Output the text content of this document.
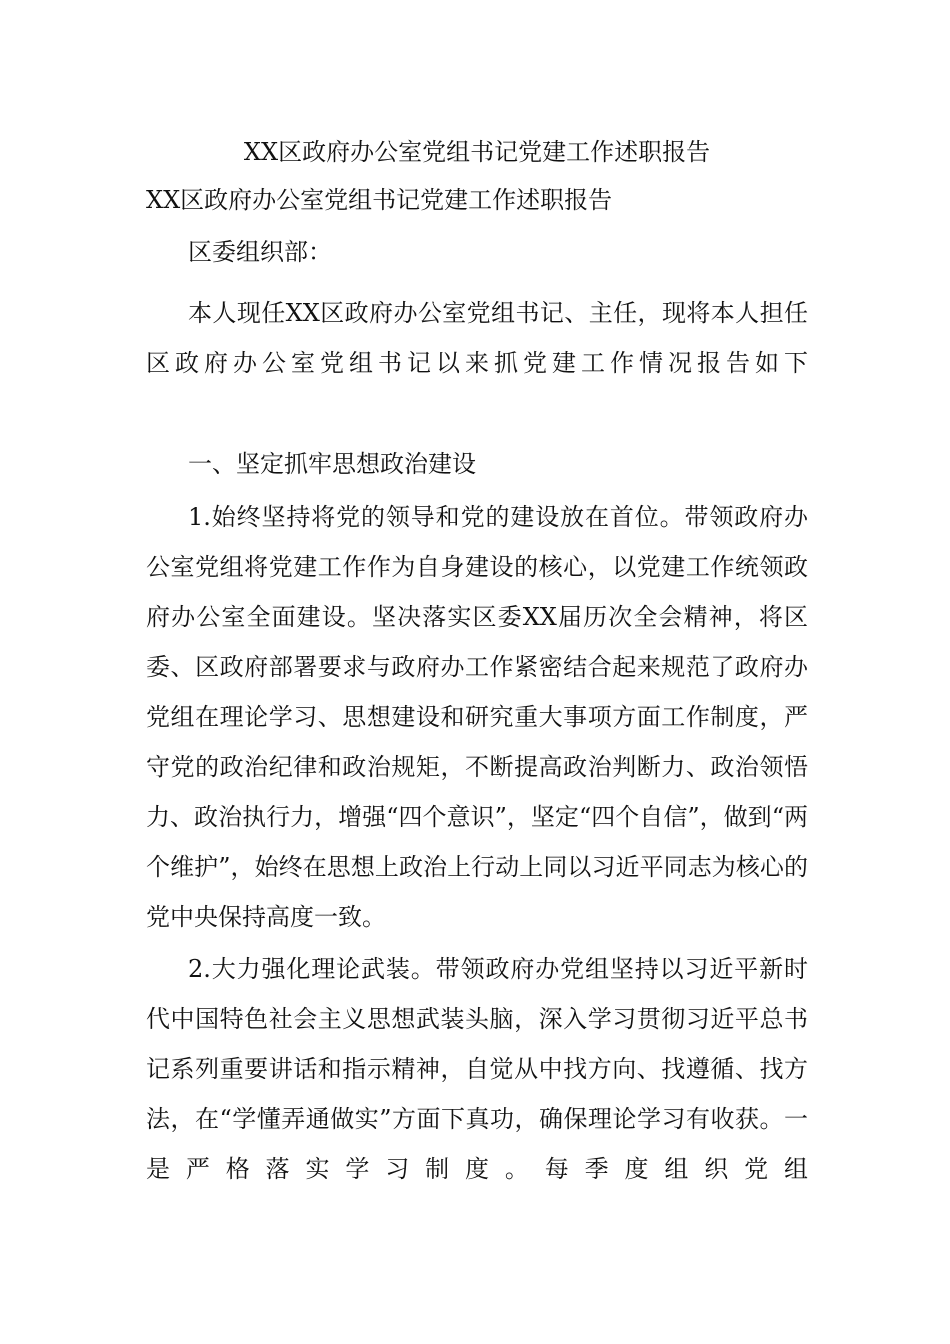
XX区政府办公室党组书记党建工作述职报告
XX区政府办公室党组书记党建工作述职报告

区委组织部：

本人现任XX区政府办公室党组书记、主任，现将本人担任区政府办公室党组书记以来抓党建工作情况报告如下

一、坚定抓牢思想政治建设

1.始终坚持将党的领导和党的建设放在首位。带领政府办公室党组将党建工作作为自身建设的核心，以党建工作统领政府办公室全面建设。坚决落实区委XX届历次全会精神，将区委、区政府部署要求与政府办工作紧密结合起来规范了政府办党组在理论学习、思想建设和研究重大事项方面工作制度，严守党的政治纪律和政治规矩，不断提高政治判断力、政治领悟力、政治执行力，增强“四个意识”，坚定“四个自信”，做到“两个维护”，始终在思想上政治上行动上同以习近平同志为核心的党中央保持高度一致。

2.大力强化理论武装。带领政府办党组坚持以习近平新时代中国特色社会主义思想武装头脑，深入学习贯彻习近平总书记系列重要讲话和指示精神，自觉从中找方向、找遵循、找方法，在“学懂弄通做实”方面下真功，确保理论学习有收获。一是严格落实学习制度。每季度组织党组
